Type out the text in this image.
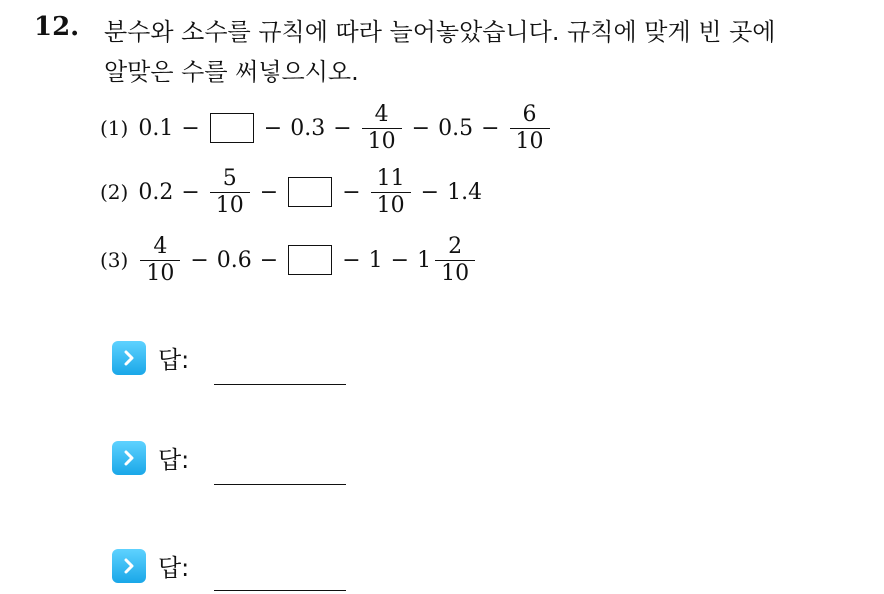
12. 분수와 소수를 규칙에 따라 늘어놓았습니다. 규칙에 맞게 빈 곳에
알맞은 수를 써넣으시오.
(1) 0.1 −	− $0.3 - \frac{4}{10} - 0.5 - \frac{6}{10}$
(2) $0.2 - \frac{5}{10}$ −	− $\frac{11}{10} - 1.4$
$(3) \frac{4}{10} - 0.6$ −	− $1 - 1 \frac{2}{10}$
답:
답:
답:
